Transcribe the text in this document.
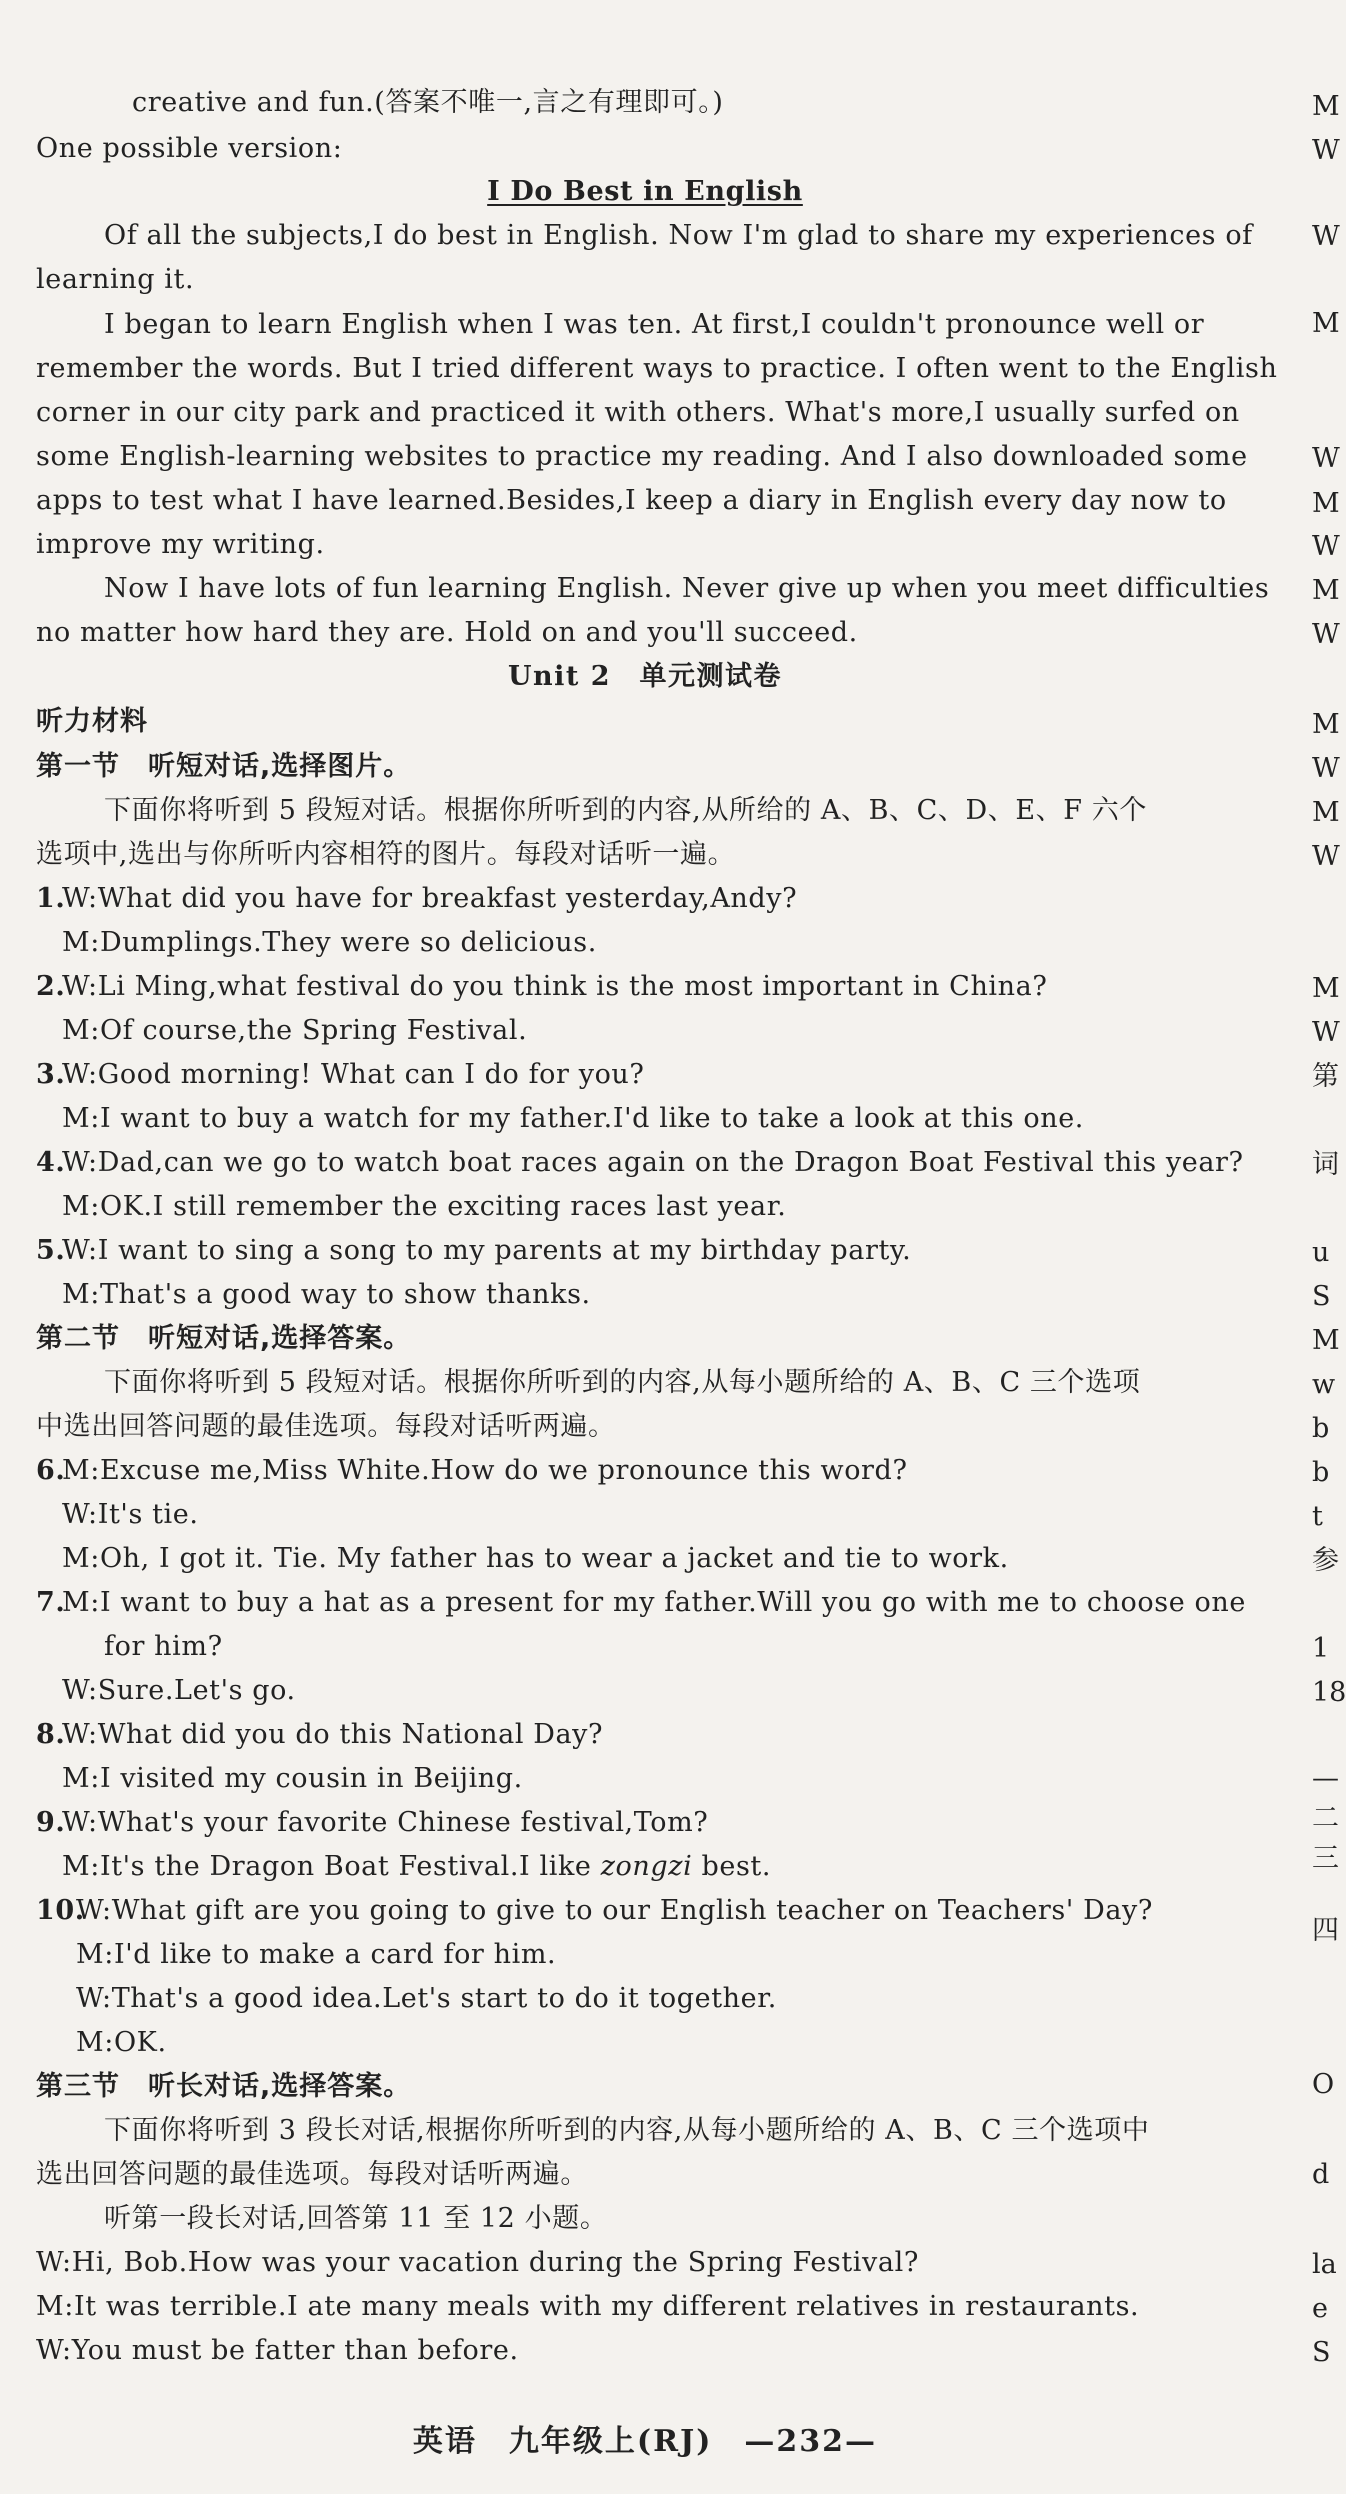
creative and fun.(答案不唯一,言之有理即可。)
One possible version:
I Do Best in English
Of all the subjects,I do best in English. Now I'm glad to share my experiences of
learning it.
I began to learn English when I was ten. At first,I couldn't pronounce well or
remember the words. But I tried different ways to practice. I often went to the English
corner in our city park and practiced it with others. What's more,I usually surfed on
some English-learning websites to practice my reading. And I also downloaded some
apps to test what I have learned.Besides,I keep a diary in English every day now to
improve my writing.
Now I have lots of fun learning English. Never give up when you meet difficulties
no matter how hard they are. Hold on and you'll succeed.
Unit 2　单元测试卷
听力材料
第一节　听短对话,选择图片。
下面你将听到 5 段短对话。根据你所听到的内容,从所给的 A、B、C、D、E、F 六个
选项中,选出与你所听内容相符的图片。每段对话听一遍。
1.
W:What did you have for breakfast yesterday,Andy?
M:Dumplings.They were so delicious.
2.
W:Li Ming,what festival do you think is the most important in China?
M:Of course,the Spring Festival.
3.
W:Good morning! What can I do for you?
M:I want to buy a watch for my father.I'd like to take a look at this one.
4.
W:Dad,can we go to watch boat races again on the Dragon Boat Festival this year?
M:OK.I still remember the exciting races last year.
5.
W:I want to sing a song to my parents at my birthday party.
M:That's a good way to show thanks.
第二节　听短对话,选择答案。
下面你将听到 5 段短对话。根据你所听到的内容,从每小题所给的 A、B、C 三个选项
中选出回答问题的最佳选项。每段对话听两遍。
6.
M:Excuse me,Miss White.How do we pronounce this word?
W:It's tie.
M:Oh, I got it. Tie. My father has to wear a jacket and tie to work.
7.
M:I want to buy a hat as a present for my father.Will you go with me to choose one
for him?
W:Sure.Let's go.
8.
W:What did you do this National Day?
M:I visited my cousin in Beijing.
9.
W:What's your favorite Chinese festival,Tom?
M:It's the Dragon Boat Festival.I like zongzi best.
10.
W:What gift are you going to give to our English teacher on Teachers' Day?
M:I'd like to make a card for him.
W:That's a good idea.Let's start to do it together.
M:OK.
第三节　听长对话,选择答案。
下面你将听到 3 段长对话,根据你所听到的内容,从每小题所给的 A、B、C 三个选项中
选出回答问题的最佳选项。每段对话听两遍。
听第一段长对话,回答第 11 至 12 小题。
W:Hi, Bob.How was your vacation during the Spring Festival?
M:It was terrible.I ate many meals with my different relatives in restaurants.
W:You must be fatter than before.
M
W
W
M
W
M
W
M
W
M
W
M
W
M
W
第
词
u
S
M
w
b
b
t
参
1
18
—
二
三
四
O
d
la
e
S
英语　九年级上(RJ)　—232—
